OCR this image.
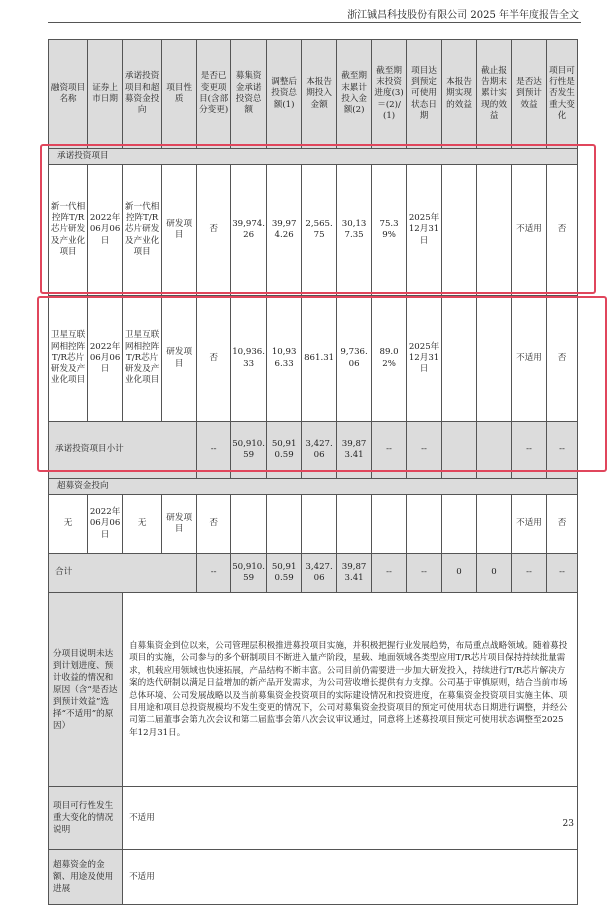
浙江铖昌科技股份有限公司 2025 年半年度报告全文
融资项目名称	证券上市日期	承诺投资项目和超募资金投向	项目性质	是否已变更项目(含部分变更)	募集资金承诺投资总额	调整后投资总额(1)	本报告期投入金额	截至期末累计投入金额(2)	截至期末投资进度(3)＝(2)/(1)	项目达到预定可使用状态日期	本报告期实现的效益	截止报告期末累计实现的效益	是否达到预计效益	项目可行性是否发生重大变化
承诺投资项目														
新一代相控阵T/R芯片研发及产业化项目	2022年06月06日	新一代相控阵T/R芯片研发及产业化项目	研发项目	否	39,974.26	39,974.26	2,565.75	30,137.35	75.39%	2025年12月31日			不适用	否
卫星互联网相控阵T/R芯片研发及产业化项目	2022年06月06日	卫星互联网相控阵T/R芯片研发及产业化项目	研发项目	否	10,936.33	10,936.33	861.31	9,736.06	89.02%	2025年12月31日			不适用	否
承诺投资项目小计				--	50,910.59	50,910.59	3,427.06	39,873.41	--	--			--	--
超募资金投向														
无	2022年06月06日	无	研发项目	否									不适用	否
合计				--	50,910.59	50,910.59	3,427.06	39,873.41	--	--	0	0	--	--
分项目说明未达到计划进度、预计收益的情况和原因（含“是否达到预计效益”选择“不适用”的原因）		自募集资金到位以来，公司管理层积极推进募投项目实施，并积极把握行业发展趋势，布局重点战略领域。随着募投项目的实施，公司参与的多个研制项目不断进入量产阶段，星载、地面领域各类型应用T/R芯片项目保持持续批量需求，机载应用领域也快速拓展，产品结构不断丰富。公司目前仍需要进一步加大研发投入，持续进行T/R芯片解决方案的迭代研制以满足日益增加的新产品开发需求，为公司营收增长提供有力支撑。公司基于审慎原则，结合当前市场总体环境、公司发展战略以及当前募集资金投资项目的实际建设情况和投资进度，在募集资金投资项目实施主体、项目用途和项目总投资规模均不发生变更的情况下，公司对募集资金投资项目的预定可使用状态日期进行调整，并经公司第二届董事会第九次会议和第二届监事会第八次会议审议通过，同意将上述募投项目预定可使用状态调整至2025年12月31日。												
项目可行性发生重大变化的情况说明		不适用												
超募资金的金额、用途及使用进展		不适用												
23
